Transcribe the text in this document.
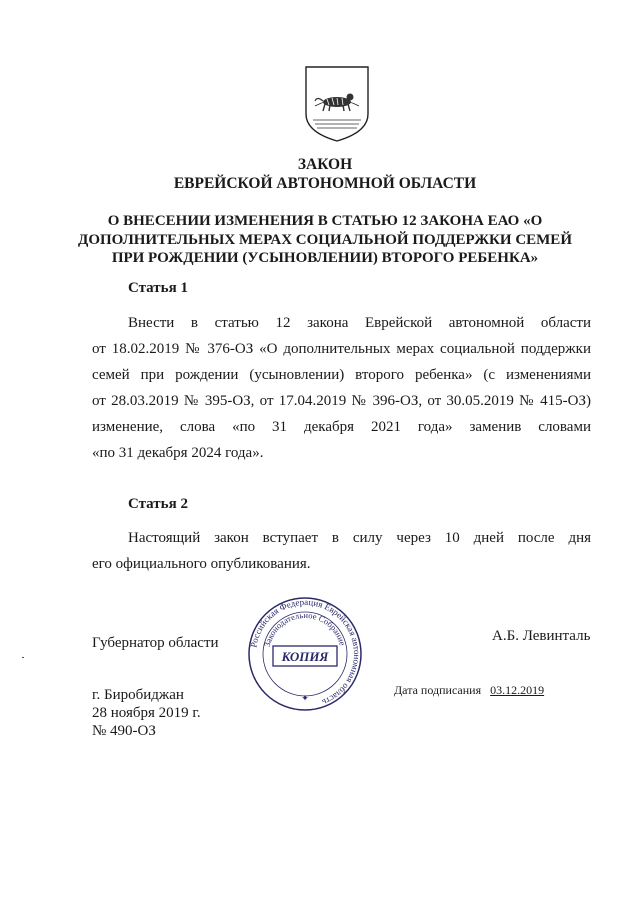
ЗАКОН
ЕВРЕЙСКОЙ АВТОНОМНОЙ ОБЛАСТИ
О ВНЕСЕНИИ ИЗМЕНЕНИЯ В СТАТЬЮ 12 ЗАКОНА ЕАО «О
ДОПОЛНИТЕЛЬНЫХ МЕРАХ СОЦИАЛЬНОЙ ПОДДЕРЖКИ СЕМЕЙ
ПРИ РОЖДЕНИИ (УСЫНОВЛЕНИИ) ВТОРОГО РЕБЕНКА»
Статья 1
Внести в статью 12 закона Еврейской автономной области
от 18.02.2019 № 376-ОЗ «О дополнительных мерах социальной поддержки
семей при рождении (усыновлении) второго ребенка» (с изменениями
от 28.03.2019 № 395-ОЗ, от 17.04.2019 № 396-ОЗ, от 30.05.2019 № 415-ОЗ)
изменение, слова «по 31 декабря 2021 года» заменив словами
«по 31 декабря 2024 года».
Статья 2
Настоящий закон вступает в силу через 10 дней после дня
его официального опубликования.
Губернатор области	Российская Федерация Еврейская автономная область
Законодательное Собрание
КОПИЯ
✦
А.Б. Левинталь
Дата подписания 03.12.2019
г. Биробиджан
28 ноября 2019 г.
№ 490-ОЗ
